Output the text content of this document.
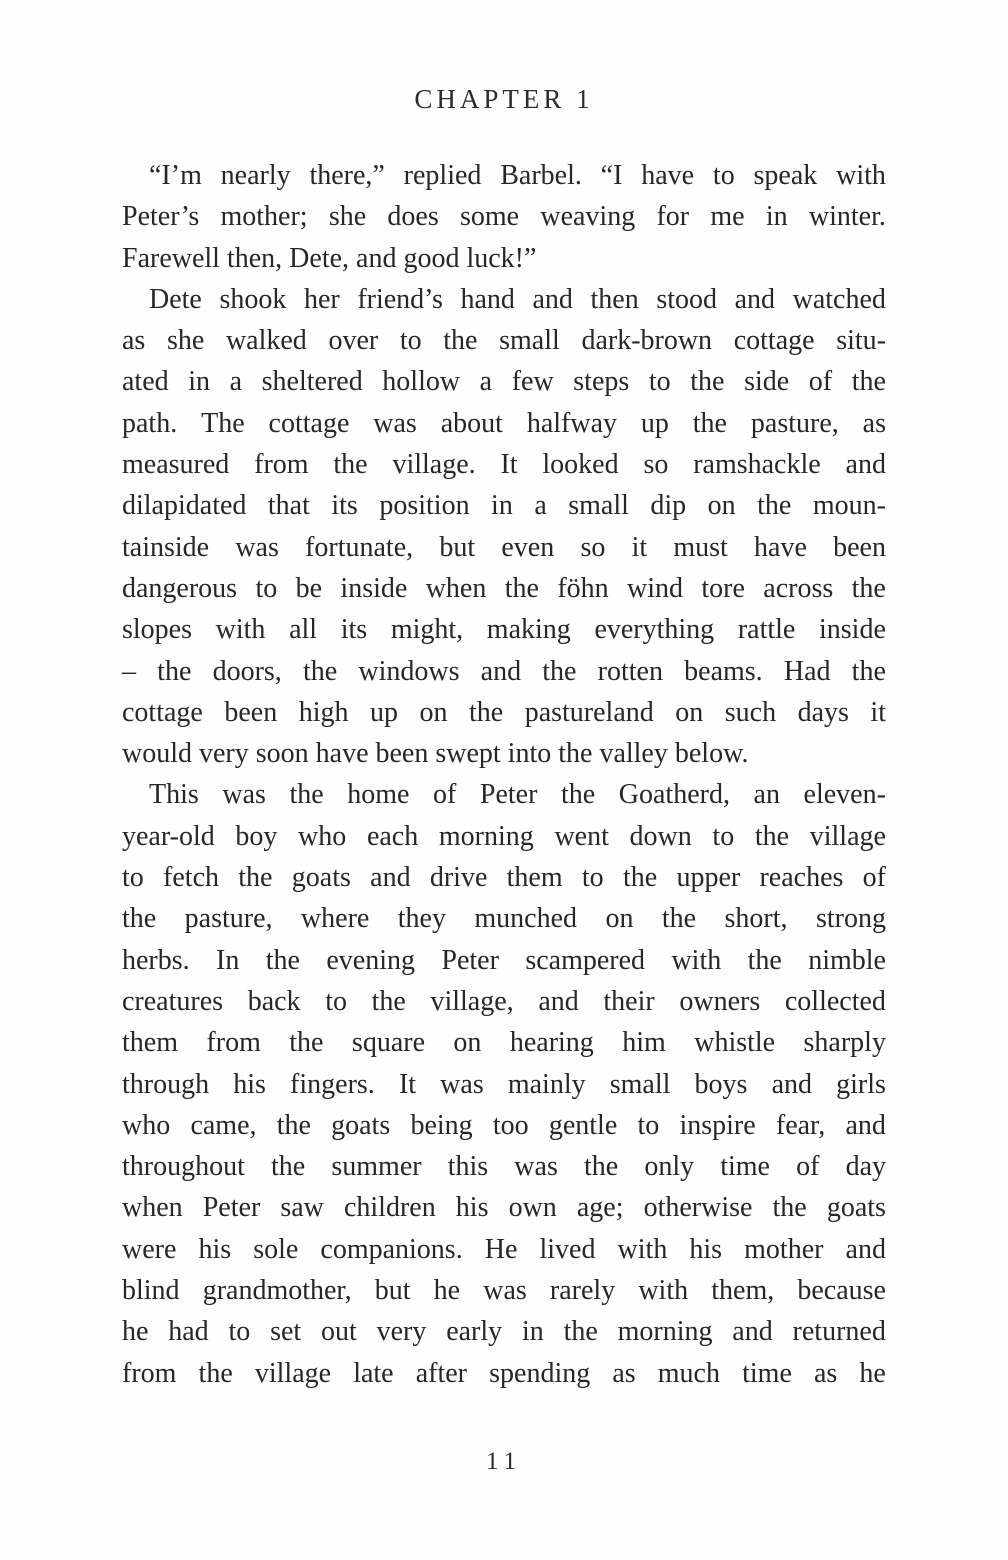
CHAPTER 1
“I’m nearly there,” replied Barbel. “I have to speak with
Peter’s mother; she does some weaving for me in winter.
Farewell then, Dete, and good luck!”
Dete shook her friend’s hand and then stood and watched
as she walked over to the small dark-brown cottage situ-
ated in a sheltered hollow a few steps to the side of the
path. The cottage was about halfway up the pasture, as
measured from the village. It looked so ramshackle and
dilapidated that its position in a small dip on the moun-
tainside was fortunate, but even so it must have been
dangerous to be inside when the föhn wind tore across the
slopes with all its might, making everything rattle inside
– the doors, the windows and the rotten beams. Had the
cottage been high up on the pastureland on such days it
would very soon have been swept into the valley below.
This was the home of Peter the Goatherd, an eleven-
year-old boy who each morning went down to the village
to fetch the goats and drive them to the upper reaches of
the pasture, where they munched on the short, strong
herbs. In the evening Peter scampered with the nimble
creatures back to the village, and their owners collected
them from the square on hearing him whistle sharply
through his fingers. It was mainly small boys and girls
who came, the goats being too gentle to inspire fear, and
throughout the summer this was the only time of day
when Peter saw children his own age; otherwise the goats
were his sole companions. He lived with his mother and
blind grandmother, but he was rarely with them, because
he had to set out very early in the morning and returned
from the village late after spending as much time as he
11
